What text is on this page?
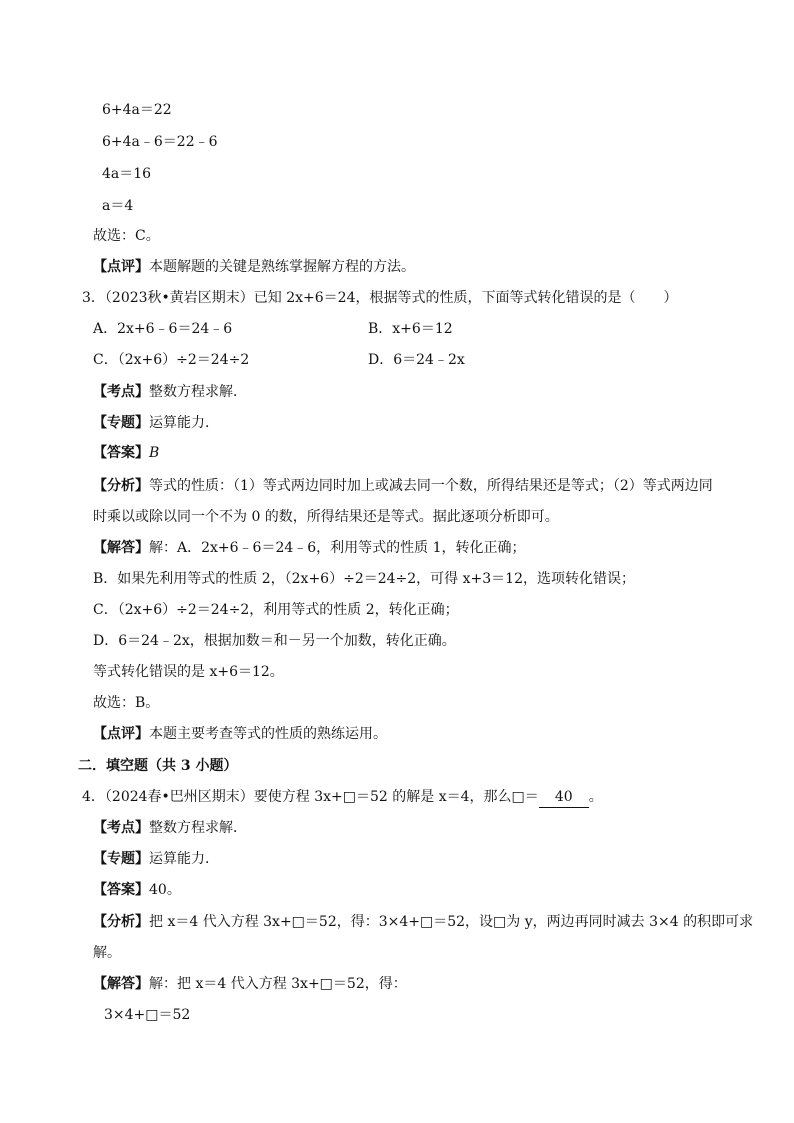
6+4a＝22
6+4a﹣6＝22﹣6
4a＝16
a＝4
故选：C。
【点评】本题解题的关键是熟练掌握解方程的方法。
3．（2023秋•黄岩区期末）已知 2x+6＝24，根据等式的性质，下面等式转化错误的是（　　）
A．2x+6﹣6＝24﹣6	B．x+6＝12
C．（2x+6）÷2＝24÷2	D．6＝24﹣2x
【考点】整数方程求解．
【专题】运算能力．
【答案】B
【分析】等式的性质：（1）等式两边同时加上或减去同一个数，所得结果还是等式；（2）等式两边同
时乘以或除以同一个不为 0 的数，所得结果还是等式。据此逐项分析即可。
【解答】解：A．2x+6﹣6＝24﹣6，利用等式的性质 1，转化正确；
B．如果先利用等式的性质 2，（2x+6）÷2＝24÷2，可得 x+3＝12，选项转化错误；
C．（2x+6）÷2＝24÷2，利用等式的性质 2，转化正确；
D．6＝24﹣2x，根据加数＝和－另一个加数，转化正确。
等式转化错误的是 x+6＝12。
故选：B。
【点评】本题主要考查等式的性质的熟练运用。
二．填空题（共 3 小题）
4．（2024春•巴州区期末）要使方程 3x+□＝52 的解是 x＝4，那么□＝ 40 。
【考点】整数方程求解．
【专题】运算能力．
【答案】40。
【分析】把 x＝4 代入方程 3x+□＝52，得：3×4+□＝52，设□为 y，两边再同时减去 3×4 的积即可求
解。
【解答】解：把 x＝4 代入方程 3x+□＝52，得：
3×4+□＝52
